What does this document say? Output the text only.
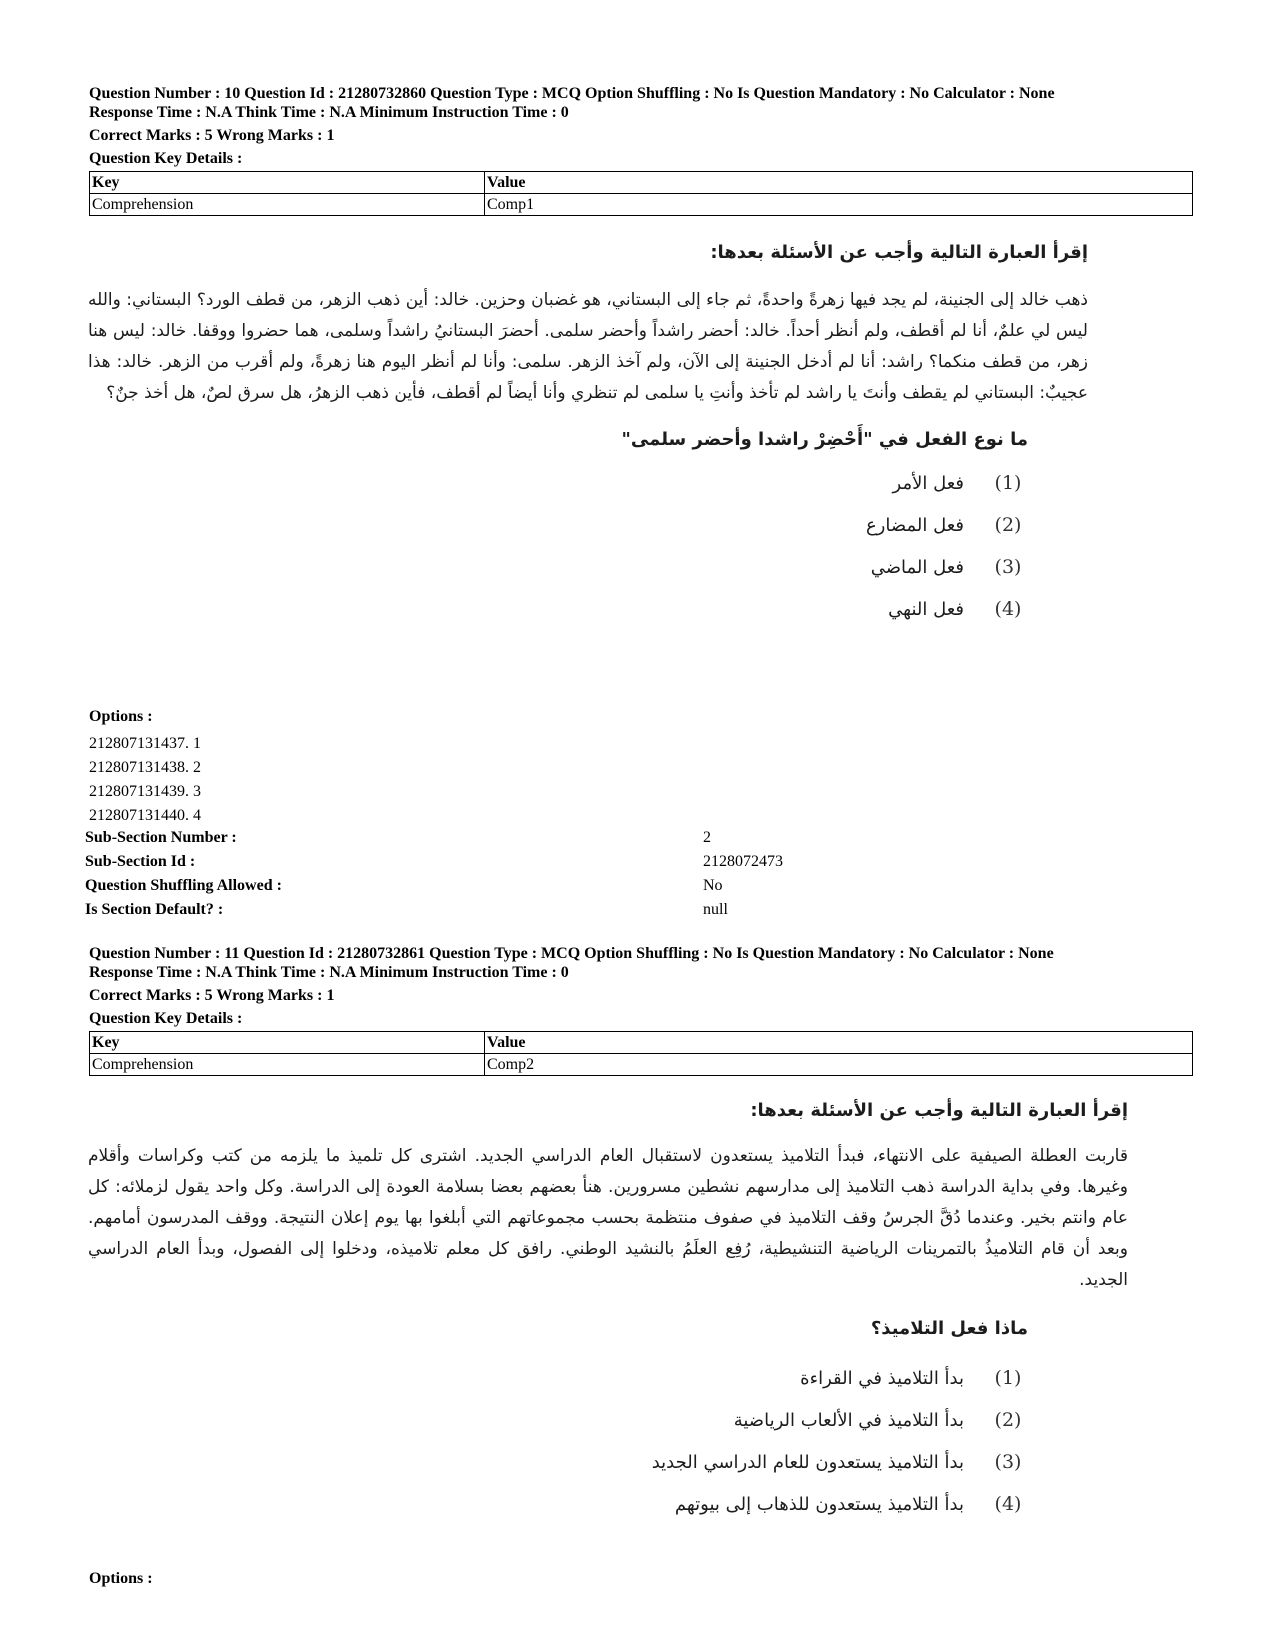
Question Number : 10 Question Id : 21280732860 Question Type : MCQ Option Shuffling : No Is Question Mandatory : No Calculator : None
Response Time : N.A Think Time : N.A Minimum Instruction Time : 0
Correct Marks : 5 Wrong Marks : 1
Question Key Details :
Key	Value
Comprehension	Comp1
إقرأ العبارة التالية وأجب عن الأسئلة بعدها:
ذهب خالد إلى الجنينة، لم يجد فيها زهرةً واحدةً، ثم جاء إلى البستاني، هو غضبان وحزين. خالد: أين ذهب الزهر، من قطف الورد؟ البستاني: والله ليس لي علمٌ، أنا لم أقطف، ولم أنظر أحداً. خالد: أحضر راشداً وأحضر سلمى. أحضرَ البستانيُ راشداً وسلمى، هما حضروا ووقفا. خالد: ليس هنا زهر، من قطف منكما؟ راشد: أنا لم أدخل الجنينة إلى الآن، ولم آخذ الزهر. سلمى: وأنا لم أنظر اليوم هنا زهرةً، ولم أقرب من الزهر. خالد: هذا عجيبٌ: البستاني لم يقطف وأنتَ يا راشد لم تأخذ وأنتِ يا سلمى لم تنظري وأنا أيضاً لم أقطف، فأين ذهب الزهرُ، هل سرق لصٌ، هل أخذ جنٌ؟
ما نوع الفعل في "أَحْضِرْ راشدا وأحضر سلمى"
(1)
فعل الأمر
(2)
فعل المضارع
(3)
فعل الماضي
(4)
فعل النهي
Options :
212807131437. 1
212807131438. 2
212807131439. 3
212807131440. 4
Sub-Section Number :	2
Sub-Section Id :	2128072473
Question Shuffling Allowed :	No
Is Section Default? :	null
Question Number : 11 Question Id : 21280732861 Question Type : MCQ Option Shuffling : No Is Question Mandatory : No Calculator : None
Response Time : N.A Think Time : N.A Minimum Instruction Time : 0
Correct Marks : 5 Wrong Marks : 1
Question Key Details :
Key	Value
Comprehension	Comp2
إقرأ العبارة التالية وأجب عن الأسئلة بعدها:
قاربت العطلة الصيفية على الانتهاء، فبدأ التلاميذ يستعدون لاستقبال العام الدراسي الجديد. اشترى كل تلميذ ما يلزمه من كتب وكراسات وأقلام وغيرها. وفي بداية الدراسة ذهب التلاميذ إلى مدارسهم نشطين مسرورين. هنأ بعضهم بعضا بسلامة العودة إلى الدراسة. وكل واحد يقول لزملائه: كل عام وانتم بخير. وعندما دُقَّ الجرسُ وقف التلاميذ في صفوف منتظمة بحسب مجموعاتهم التي أبلغوا بها يوم إعلان النتيجة. ووقف المدرسون أمامهم. وبعد أن قام التلاميذُ بالتمرينات الرياضية التنشيطية، رُفِع العلَمُ بالنشيد الوطني. رافق كل معلم تلاميذه، ودخلوا إلى الفصول، وبدأ العام الدراسي الجديد.
ماذا فعل التلاميذ؟
(1)
بدأ التلاميذ في القراءة
(2)
بدأ التلاميذ في الألعاب الرياضية
(3)
بدأ التلاميذ يستعدون للعام الدراسي الجديد
(4)
بدأ التلاميذ يستعدون للذهاب إلى بيوتهم
Options :
